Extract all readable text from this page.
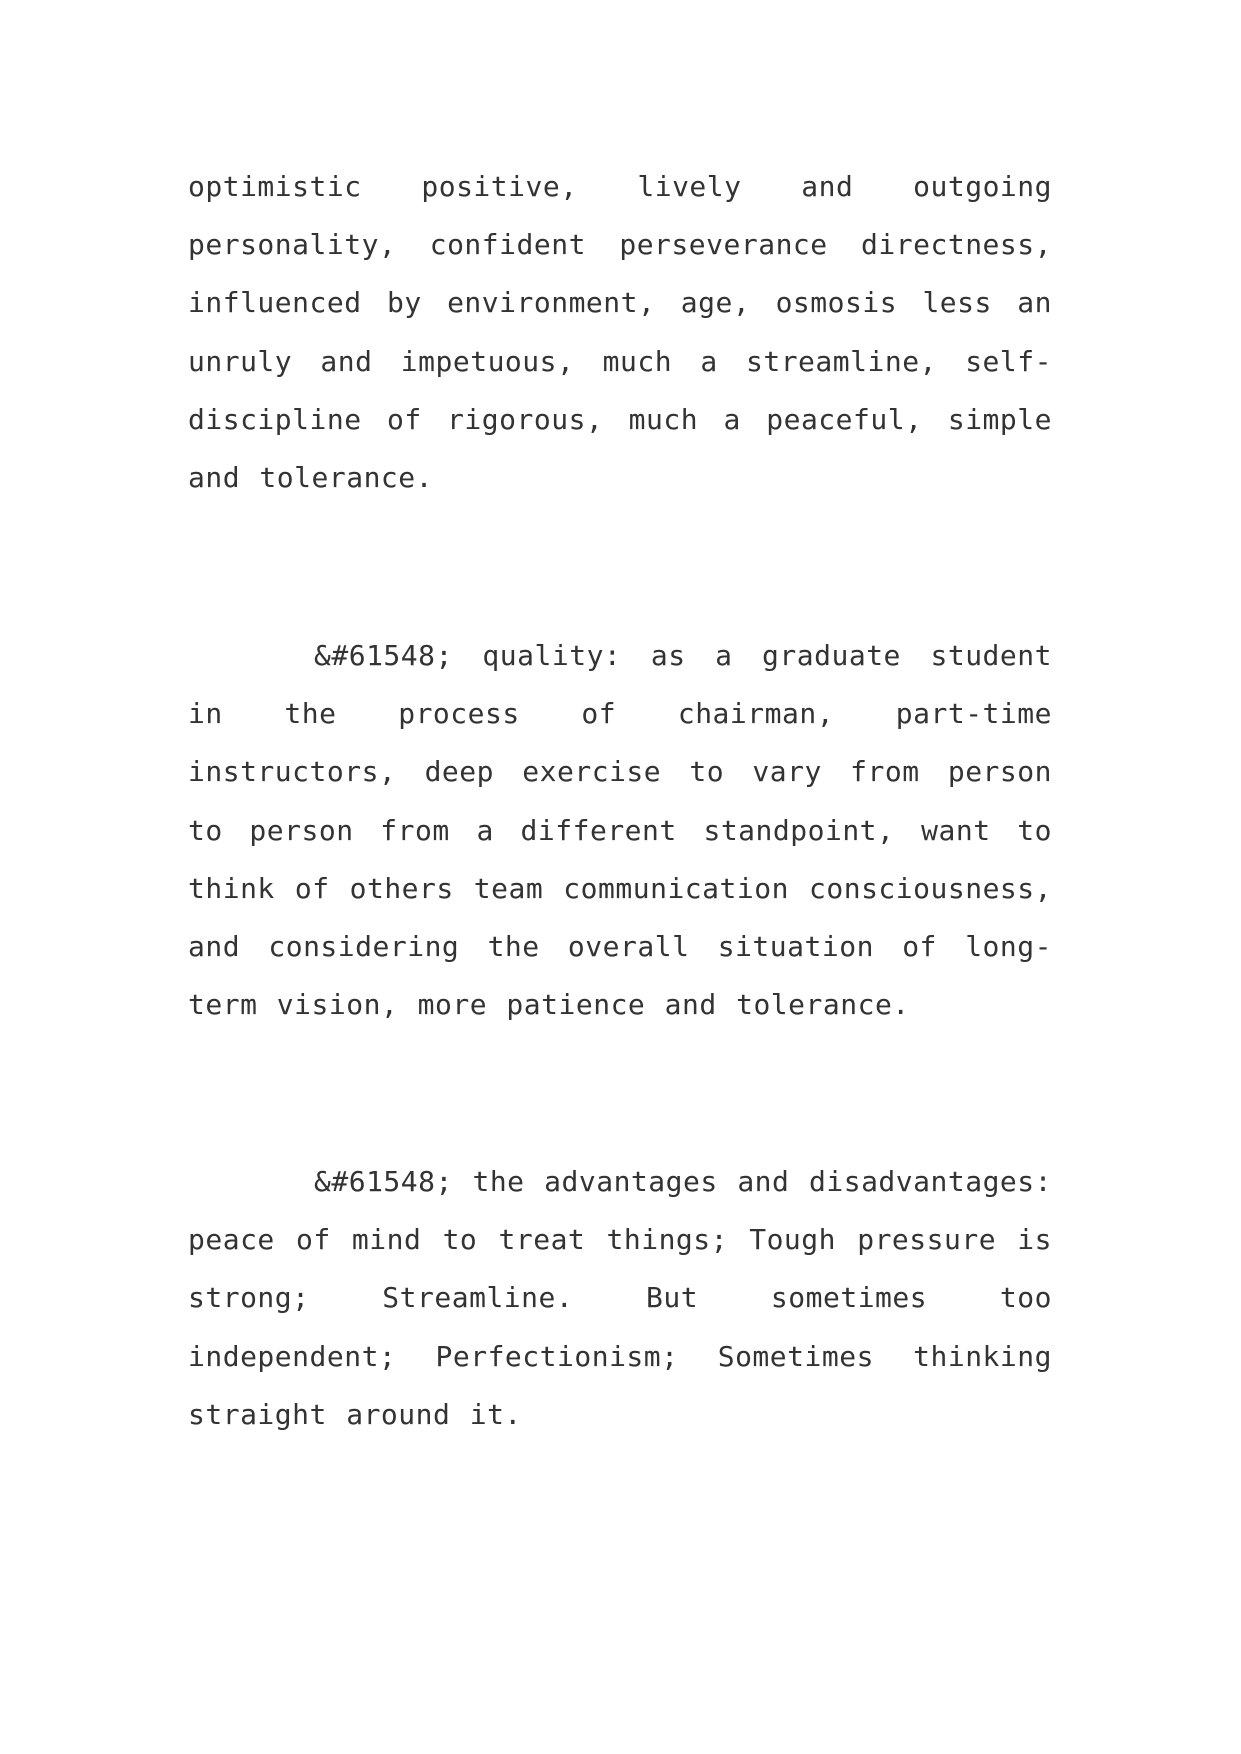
optimistic positive, lively and outgoing personality, confident perseverance directness, influenced by environment, age, osmosis less an unruly and impetuous, much a streamline, self-discipline of rigorous, much a peaceful, simple and tolerance.

&#61548; quality: as a graduate student in the process of chairman, part-time instructors, deep exercise to vary from person to person from a different standpoint, want to think of others team communication consciousness, and considering the overall situation of long-term vision, more patience and tolerance.

&#61548; the advantages and disadvantages: peace of mind to treat things; Tough pressure is strong; Streamline. But sometimes too independent; Perfectionism; Sometimes thinking straight around it.
